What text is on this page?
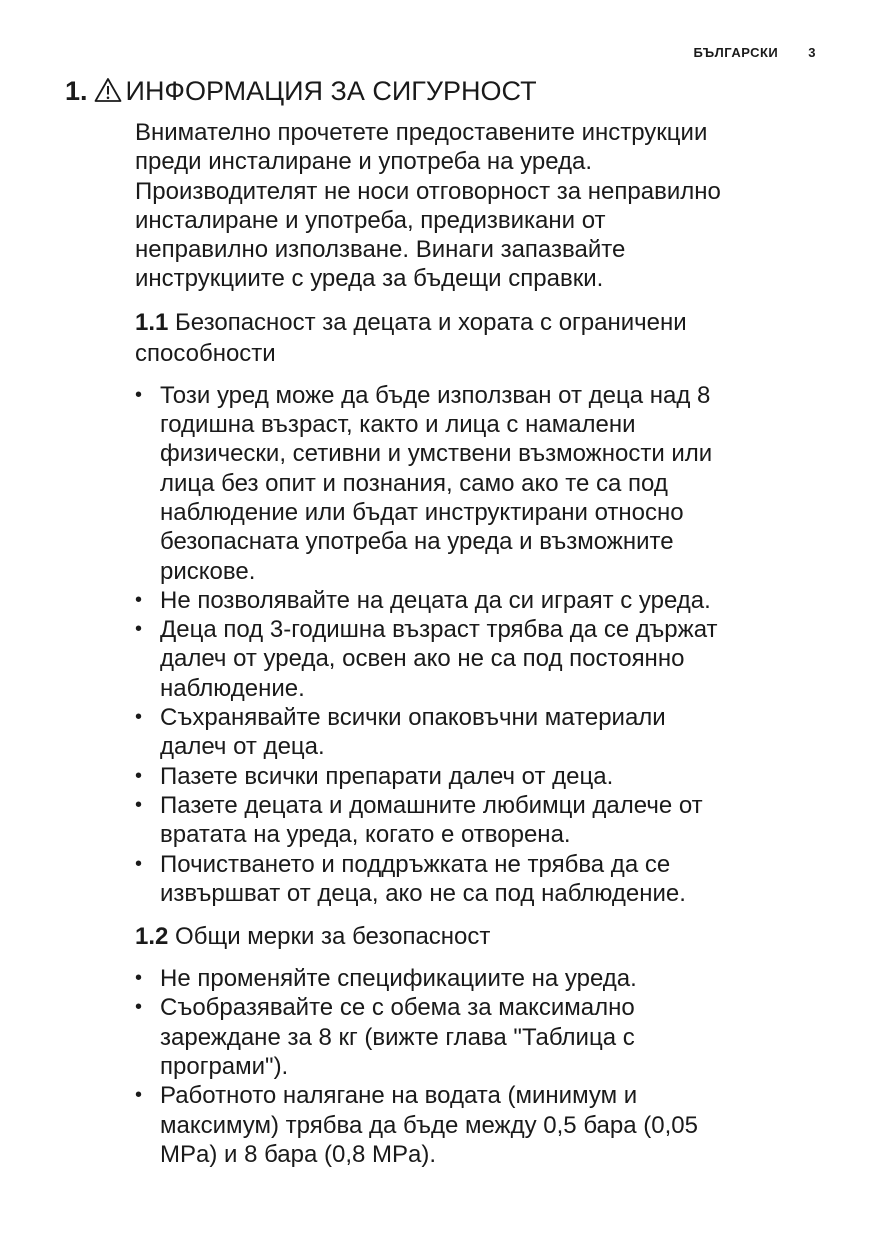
БЪЛГАРСКИ 3
1. ИНФОРМАЦИЯ ЗА СИГУРНОСТ

Внимателно прочетете предоставените инструкции
преди инсталиране и употреба на уреда.
Производителят не носи отговорност за неправилно
инсталиране и употреба, предизвикани от
неправилно използване. Винаги запазвайте
инструкциите с уреда за бъдещи справки.

1.1 Безопасност за децата и хората с ограничени
способности
• Този уред може да бъде използван от деца над 8
годишна възраст, както и лица с намалени
физически, сетивни и умствени възможности или
лица без опит и познания, само ако те са под
наблюдение или бъдат инструктирани относно
безопасната употреба на уреда и възможните
рискове.
• Не позволявайте на децата да си играят с уреда.
• Деца под 3-годишна възраст трябва да се държат
далеч от уреда, освен ако не са под постоянно
наблюдение.
• Съхранявайте всички опаковъчни материали
далеч от деца.
• Пазете всички препарати далеч от деца.
• Пазете децата и домашните любимци далече от
вратата на уреда, когато е отворена.
• Почистването и поддръжката не трябва да се
извършват от деца, ако не са под наблюдение.
1.2 Общи мерки за безопасност
• Не променяйте спецификациите на уреда.
• Съобразявайте се с обема за максимално
зареждане за 8 кг (вижте глава "Таблица с
програми").
• Работното налягане на водата (минимум и
максимум) трябва да бъде между 0,5 бара (0,05
MPa) и 8 бара (0,8 MPa).
